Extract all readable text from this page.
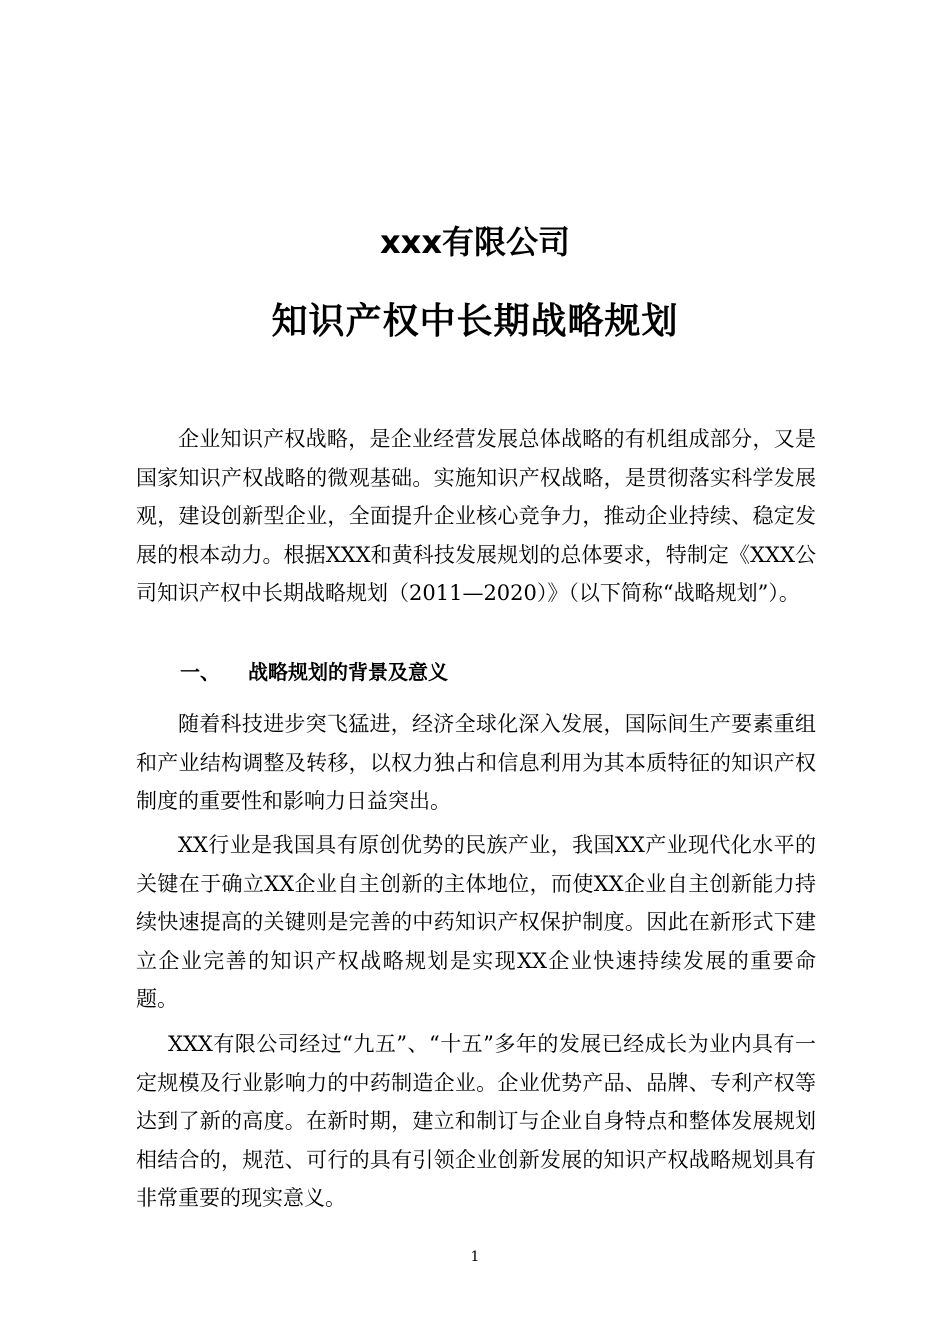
xxx有限公司
知识产权中长期战略规划
企业知识产权战略，是企业经营发展总体战略的有机组成部分，又是国家知识产权战略的微观基础。实施知识产权战略，是贯彻落实科学发展观，建设创新型企业，全面提升企业核心竞争力，推动企业持续、稳定发展的根本动力。根据XXX和黄科技发展规划的总体要求，特制定《XXX公司知识产权中长期战略规划（2011—2020）》（以下简称“战略规划”）。
一、 战略规划的背景及意义
随着科技进步突飞猛进，经济全球化深入发展，国际间生产要素重组和产业结构调整及转移，以权力独占和信息利用为其本质特征的知识产权制度的重要性和影响力日益突出。
XX行业是我国具有原创优势的民族产业，我国XX产业现代化水平的关键在于确立XX企业自主创新的主体地位，而使XX企业自主创新能力持续快速提高的关键则是完善的中药知识产权保护制度。因此在新形式下建立企业完善的知识产权战略规划是实现XX企业快速持续发展的重要命题。
XXX有限公司经过“九五”、“十五”多年的发展已经成长为业内具有一定规模及行业影响力的中药制造企业。企业优势产品、品牌、专利产权等达到了新的高度。在新时期，建立和制订与企业自身特点和整体发展规划相结合的，规范、可行的具有引领企业创新发展的知识产权战略规划具有非常重要的现实意义。
1
